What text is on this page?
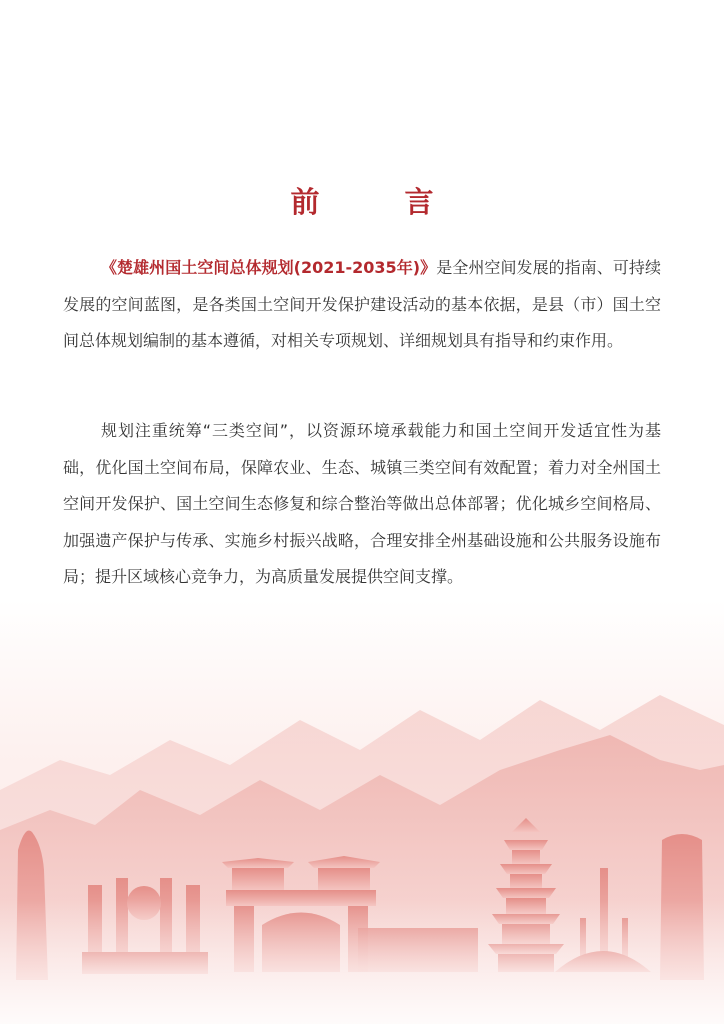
前　言

《楚雄州国土空间总体规划(2021-2035年)》是全州空间发展的指南、可持续发展的空间蓝图，是各类国土空间开发保护建设活动的基本依据，是县（市）国土空间总体规划编制的基本遵循，对相关专项规划、详细规划具有指导和约束作用。

规划注重统筹“三类空间”，以资源环境承载能力和国土空间开发适宜性为基础，优化国土空间布局，保障农业、生态、城镇三类空间有效配置；着力对全州国土空间开发保护、国土空间生态修复和综合整治等做出总体部署；优化城乡空间格局、加强遗产保护与传承、实施乡村振兴战略，合理安排全州基础设施和公共服务设施布局；提升区域核心竞争力，为高质量发展提供空间支撑。
